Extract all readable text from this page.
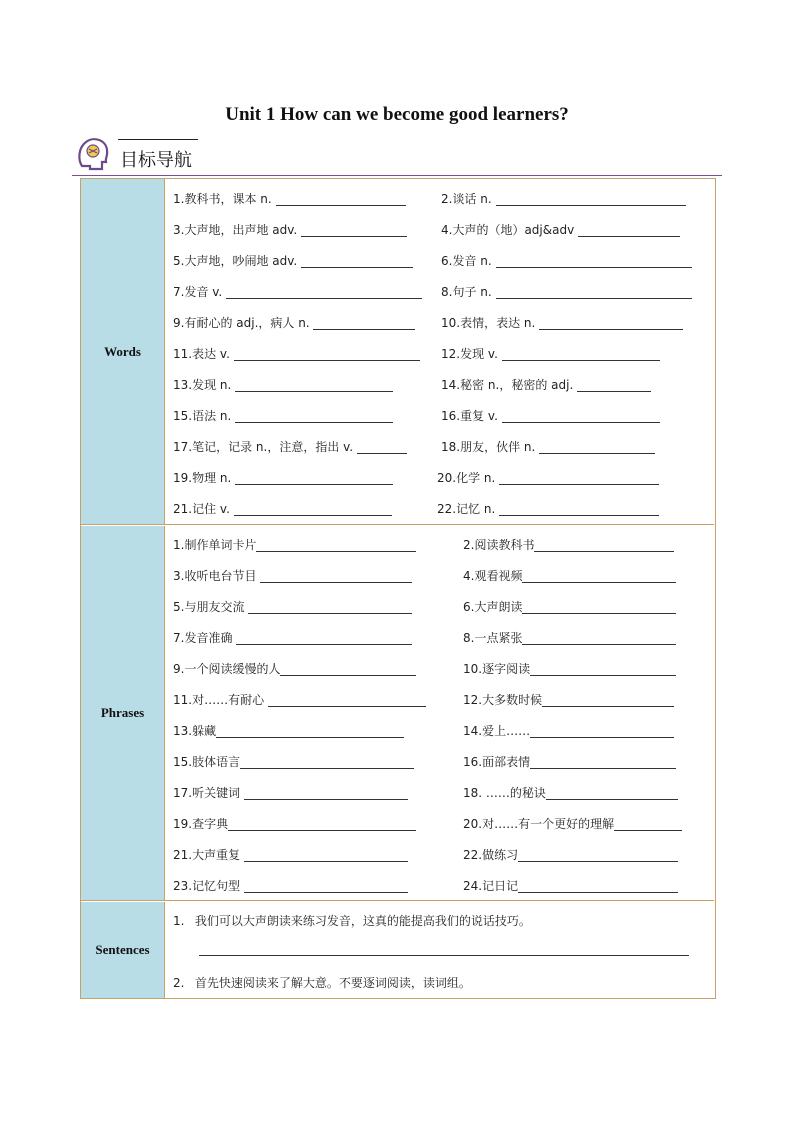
Unit 1 How can we become good learners?
目标导航
Words
1.教科书，课本 n.	2.谈话 n.
3.大声地，出声地 adv.	4.大声的（地）adj&adv
5.大声地，吵闹地 adv.	6.发音 n.
7.发音 v.	8.句子 n.
9.有耐心的 adj.，病人 n.	10.表情，表达 n.
11.表达 v.	12.发现 v.
13.发现 n.	14.秘密 n.，秘密的 adj.
15.语法 n.	16.重复 v.
17.笔记，记录 n.，注意，指出 v.	18.朋友，伙伴 n.
19.物理 n.	20.化学 n.
21.记住 v.	22.记忆 n.
Phrases
1.制作单词卡片	2.阅读教科书
3.收听电台节目	4.观看视频
5.与朋友交流	6.大声朗读
7.发音准确	8.一点紧张
9.一个阅读缓慢的人	10.逐字阅读
11.对……有耐心	12.大多数时候
13.躲藏	14.爱上……
15.肢体语言	16.面部表情
17.听关键词	18. ……的秘诀
19.查字典	20.对……有一个更好的理解
21.大声重复	22.做练习
23.记忆句型	24.记日记
Sentences
1. 我们可以大声朗读来练习发音，这真的能提高我们的说话技巧。
2. 首先快速阅读来了解大意。不要逐词阅读，读词组。
